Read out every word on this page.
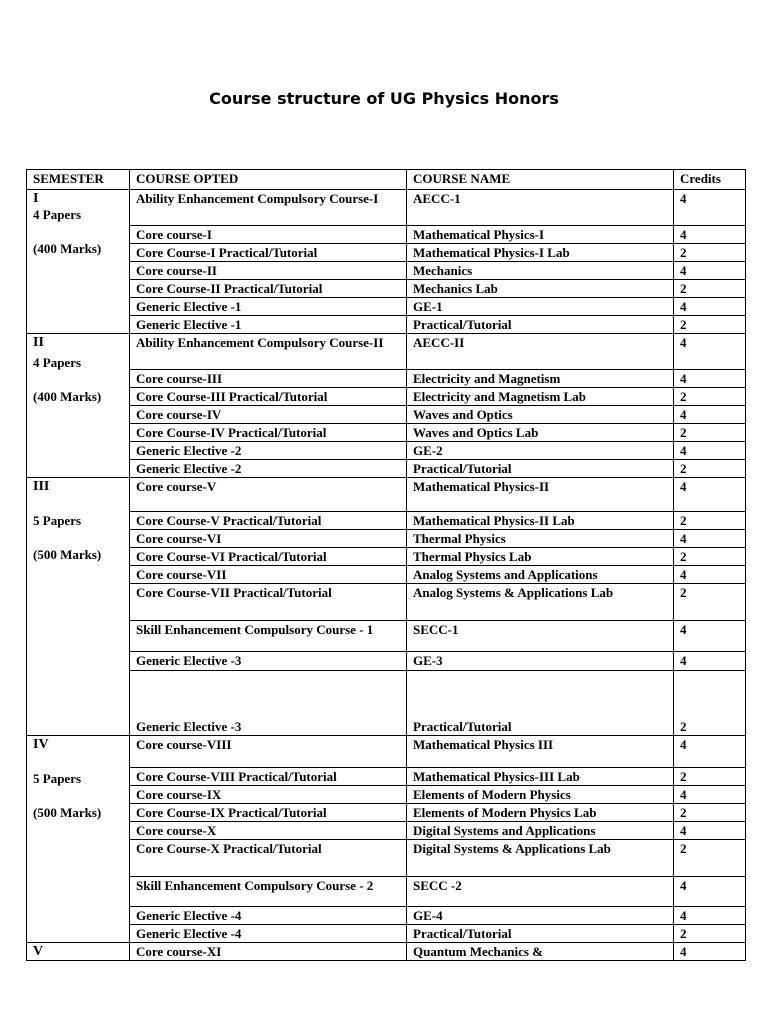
Course structure of UG Physics Honors
SEMESTER	COURSE OPTED	COURSE NAME	Credits

I
4 Papers
(400 Marks)	Ability Enhancement Compulsory Course-I	AECC-1	4
	Core course-I	Mathematical Physics-I	4
	Core Course-I Practical/Tutorial	Mathematical Physics-I Lab	2
	Core course-II	Mechanics	4
	Core Course-II Practical/Tutorial	Mechanics Lab	2
	Generic Elective -1	GE-1	4
	Generic Elective -1	Practical/Tutorial	2

II
4 Papers
(400 Marks)	Ability Enhancement Compulsory Course-II	AECC-II	4
	Core course-III	Electricity and Magnetism	4
	Core Course-III Practical/Tutorial	Electricity and Magnetism Lab	2
	Core course-IV	Waves and Optics	4
	Core Course-IV Practical/Tutorial	Waves and Optics Lab	2
	Generic Elective -2	GE-2	4
	Generic Elective -2	Practical/Tutorial	2

III
5 Papers
(500 Marks)	Core course-V	Mathematical Physics-II	4
	Core Course-V Practical/Tutorial	Mathematical Physics-II Lab	2
	Core course-VI	Thermal Physics	4
	Core Course-VI Practical/Tutorial	Thermal Physics Lab	2
	Core course-VII	Analog Systems and Applications	4
	Core Course-VII Practical/Tutorial	Analog Systems & Applications Lab	2
	Skill Enhancement Compulsory Course - 1	SECC-1	4
	Generic Elective -3	GE-3	4
	Generic Elective -3	Practical/Tutorial	2

IV
5 Papers
(500 Marks)	Core course-VIII	Mathematical Physics III	4
	Core Course-VIII Practical/Tutorial	Mathematical Physics-III Lab	2
	Core course-IX	Elements of Modern Physics	4
	Core Course-IX Practical/Tutorial	Elements of Modern Physics Lab	2
	Core course-X	Digital Systems and Applications	4
	Core Course-X Practical/Tutorial	Digital Systems & Applications Lab	2
	Skill Enhancement Compulsory Course - 2	SECC -2	4
	Generic Elective -4	GE-4	4
	Generic Elective -4	Practical/Tutorial	2

V	Core course-XI	Quantum Mechanics &	4
